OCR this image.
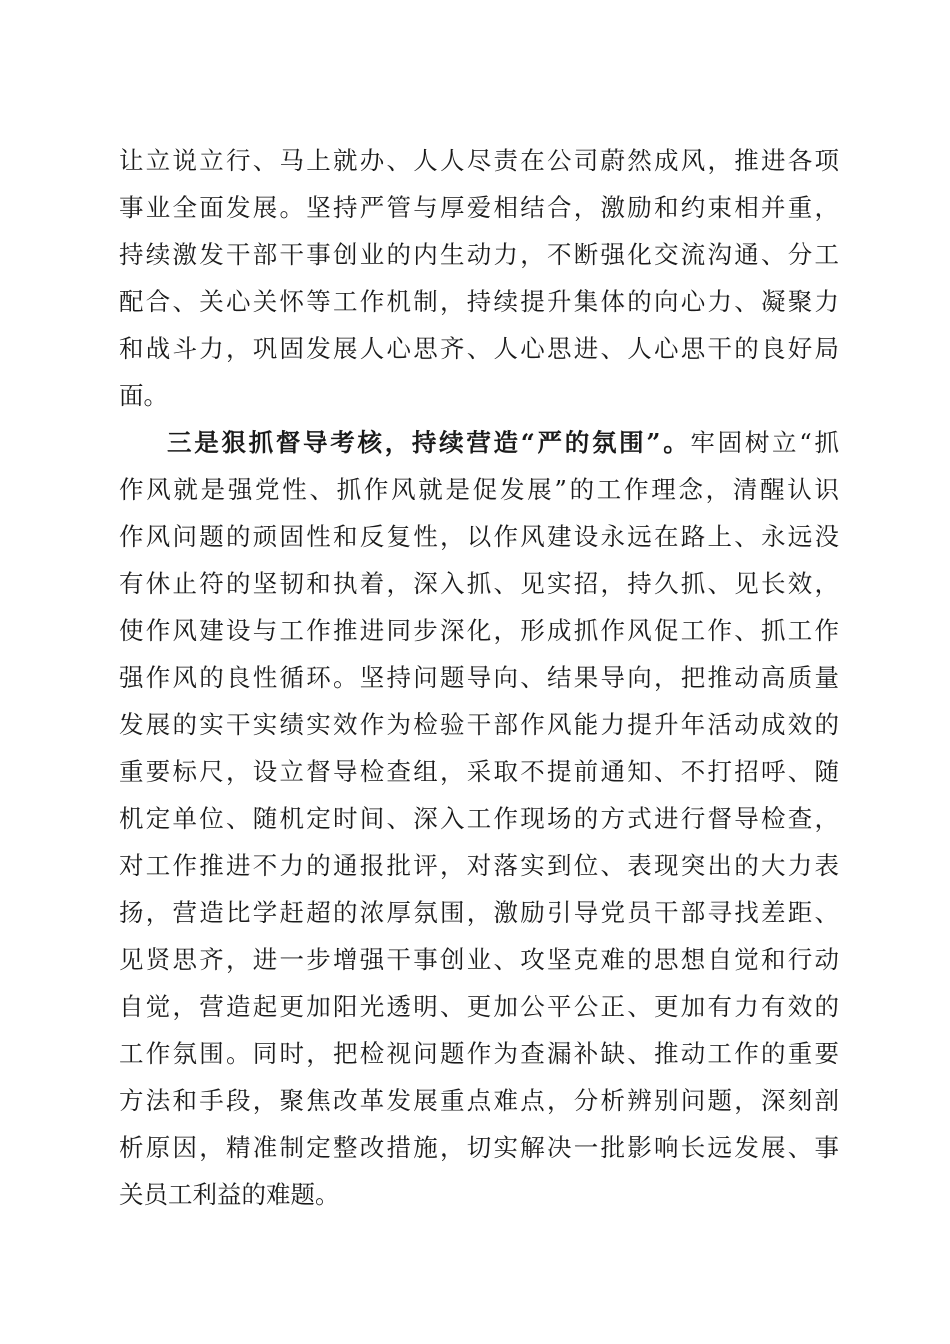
让立说立行、马上就办、人人尽责在公司蔚然成风，推进各项
事业全面发展。坚持严管与厚爱相结合，激励和约束相并重，
持续激发干部干事创业的内生动力，不断强化交流沟通、分工
配合、关心关怀等工作机制，持续提升集体的向心力、凝聚力
和战斗力，巩固发展人心思齐、人心思进、人心思干的良好局
面。
三是狠抓督导考核，持续营造“严的氛围”。牢固树立“抓
作风就是强党性、抓作风就是促发展”的工作理念，清醒认识
作风问题的顽固性和反复性，以作风建设永远在路上、永远没
有休止符的坚韧和执着，深入抓、见实招，持久抓、见长效，
使作风建设与工作推进同步深化，形成抓作风促工作、抓工作
强作风的良性循环。坚持问题导向、结果导向，把推动高质量
发展的实干实绩实效作为检验干部作风能力提升年活动成效的
重要标尺，设立督导检查组，采取不提前通知、不打招呼、随
机定单位、随机定时间、深入工作现场的方式进行督导检查，
对工作推进不力的通报批评，对落实到位、表现突出的大力表
扬，营造比学赶超的浓厚氛围，激励引导党员干部寻找差距、
见贤思齐，进一步增强干事创业、攻坚克难的思想自觉和行动
自觉，营造起更加阳光透明、更加公平公正、更加有力有效的
工作氛围。同时，把检视问题作为查漏补缺、推动工作的重要
方法和手段，聚焦改革发展重点难点，分析辨别问题，深刻剖
析原因，精准制定整改措施，切实解决一批影响长远发展、事
关员工利益的难题。
